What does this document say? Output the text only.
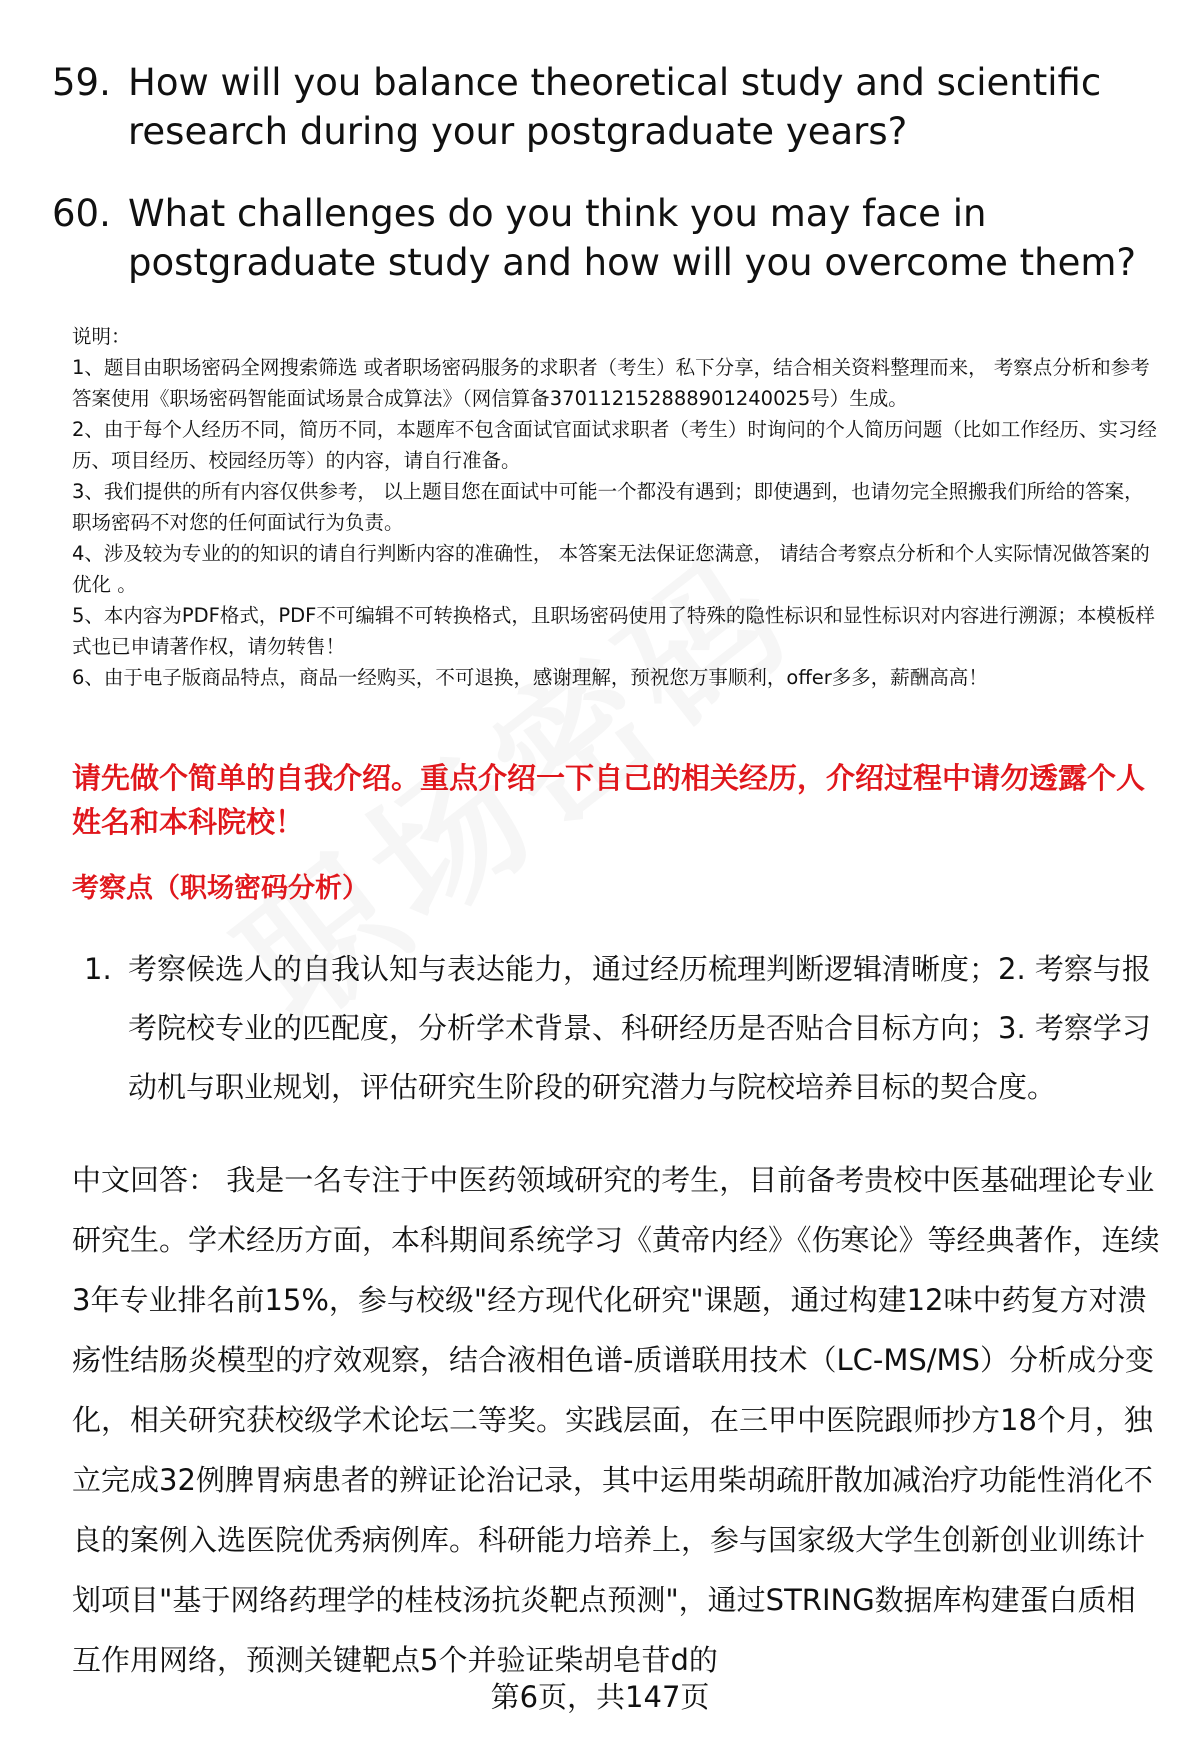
59. How will you balance theoretical study and scientific research during your postgraduate years?
60. What challenges do you think you may face in postgraduate study and how will you overcome them?

说明：

1、题目由职场密码全网搜索筛选 或者职场密码服务的求职者（考生）私下分享，结合相关资料整理而来， 考察点分析和参考答案使用《职场密码智能面试场景合成算法》（网信算备370112152888901240025号）生成。

2、由于每个人经历不同，简历不同，本题库不包含面试官面试求职者（考生）时询问的个人简历问题（比如工作经历、实习经历、项目经历、校园经历等）的内容，请自行准备。

3、我们提供的所有内容仅供参考， 以上题目您在面试中可能一个都没有遇到；即使遇到，也请勿完全照搬我们所给的答案，职场密码不对您的任何面试行为负责。

4、涉及较为专业的的知识的请自行判断内容的准确性， 本答案无法保证您满意， 请结合考察点分析和个人实际情况做答案的优化 。

5、本内容为PDF格式，PDF不可编辑不可转换格式，且职场密码使用了特殊的隐性标识和显性标识对内容进行溯源；本模板样式也已申请著作权，请勿转售！

6、由于电子版商品特点，商品一经购买，不可退换，感谢理解，预祝您万事顺利，offer多多，薪酬高高！

请先做个简单的自我介绍。重点介绍一下自己的相关经历，介绍过程中请勿透露个人姓名和本科院校！
考察点（职场密码分析）
1. 考察候选人的自我认知与表达能力，通过经历梳理判断逻辑清晰度；2. 考察与报考院校专业的匹配度，分析学术背景、科研经历是否贴合目标方向；3. 考察学习动机与职业规划，评估研究生阶段的研究潜力与院校培养目标的契合度。
中文回答： 我是一名专注于中医药领域研究的考生，目前备考贵校中医基础理论专业研究生。学术经历方面，本科期间系统学习《黄帝内经》《伤寒论》等经典著作，连续3年专业排名前15%，参与校级"经方现代化研究"课题，通过构建12味中药复方对溃疡性结肠炎模型的疗效观察，结合液相色谱-质谱联用技术（LC-MS/MS）分析成分变化，相关研究获校级学术论坛二等奖。实践层面，在三甲中医院跟师抄方18个月，独立完成32例脾胃病患者的辨证论治记录，其中运用柴胡疏肝散加减治疗功能性消化不良的案例入选医院优秀病例库。科研能力培养上，参与国家级大学生创新创业训练计划项目"基于网络药理学的桂枝汤抗炎靶点预测"，通过STRING数据库构建蛋白质相互作用网络，预测关键靶点5个并验证柴胡皂苷d的
第6页，共147页
